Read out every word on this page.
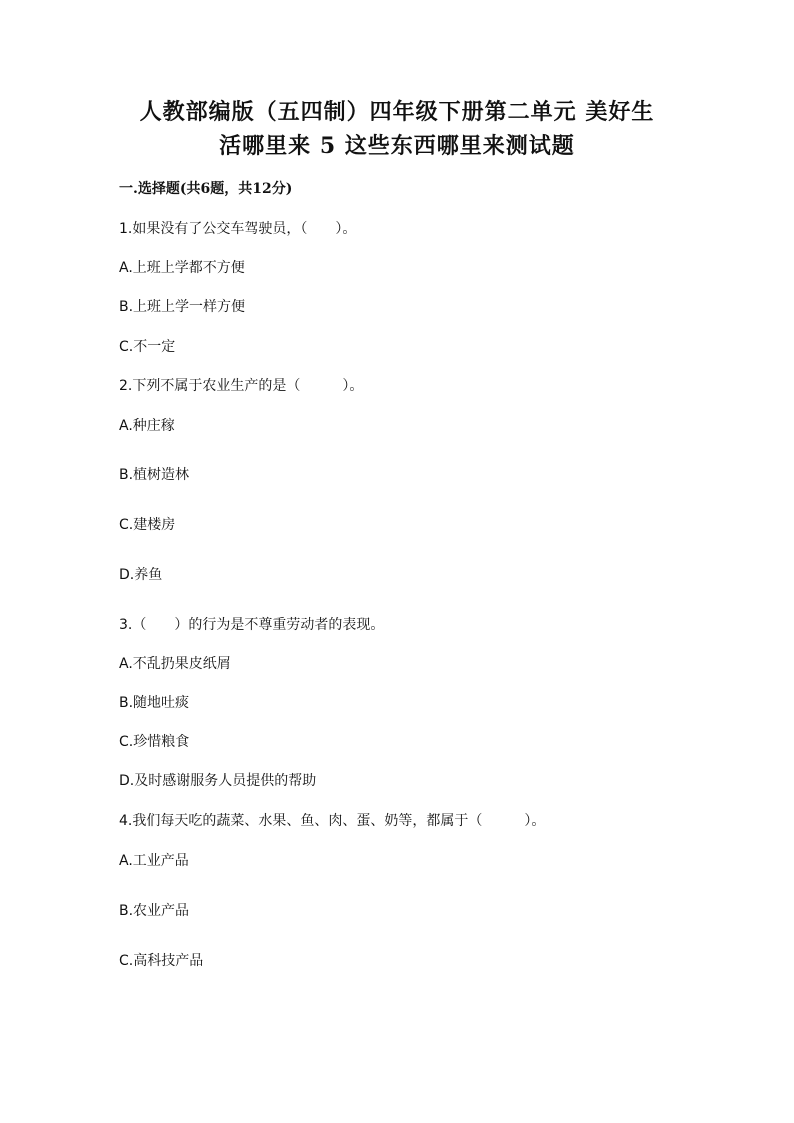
人教部编版（五四制）四年级下册第二单元 美好生
活哪里来 5 这些东西哪里来测试题
一.选择题(共6题，共12分)
1.如果没有了公交车驾驶员，（　　）。
A.上班上学都不方便
B.上班上学一样方便
C.不一定
2.下列不属于农业生产的是（　　　）。
A.种庄稼
B.植树造林
C.建楼房
D.养鱼
3.（　　）的行为是不尊重劳动者的表现。
A.不乱扔果皮纸屑
B.随地吐痰
C.珍惜粮食
D.及时感谢服务人员提供的帮助
4.我们每天吃的蔬菜、水果、鱼、肉、蛋、奶等，都属于（　　　）。
A.工业产品
B.农业产品
C.高科技产品
